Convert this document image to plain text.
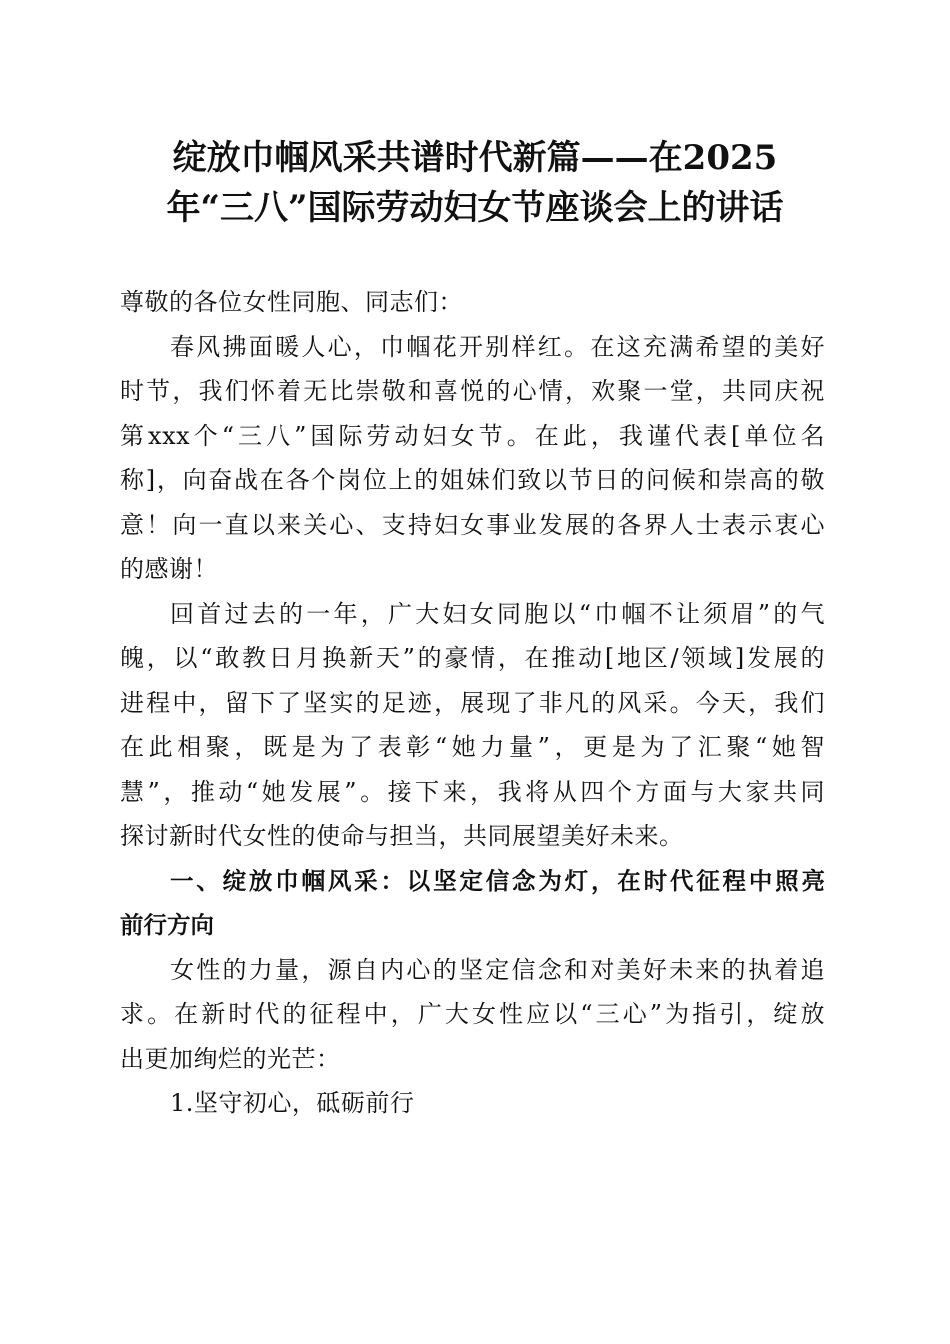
绽放巾帼风采共谱时代新篇——在2025
年“三八”国际劳动妇女节座谈会上的讲话

尊敬的各位女性同胞、同志们：

春风拂面暖人心，巾帼花开别样红。在这充满希望的美好
时节，我们怀着无比崇敬和喜悦的心情，欢聚一堂，共同庆祝
第xxx个“三八”国际劳动妇女节。在此，我谨代表[单位名
称]，向奋战在各个岗位上的姐妹们致以节日的问候和崇高的敬
意！向一直以来关心、支持妇女事业发展的各界人士表示衷心
的感谢！

回首过去的一年，广大妇女同胞以“巾帼不让须眉”的气
魄，以“敢教日月换新天”的豪情，在推动[地区/领域]发展的
进程中，留下了坚实的足迹，展现了非凡的风采。今天，我们
在此相聚，既是为了表彰“她力量”，更是为了汇聚“她智
慧”，推动“她发展”。接下来，我将从四个方面与大家共同
探讨新时代女性的使命与担当，共同展望美好未来。

一、绽放巾帼风采：以坚定信念为灯，在时代征程中照亮
前行方向

女性的力量，源自内心的坚定信念和对美好未来的执着追
求。在新时代的征程中，广大女性应以“三心”为指引，绽放
出更加绚烂的光芒：

1.坚守初心，砥砺前行
